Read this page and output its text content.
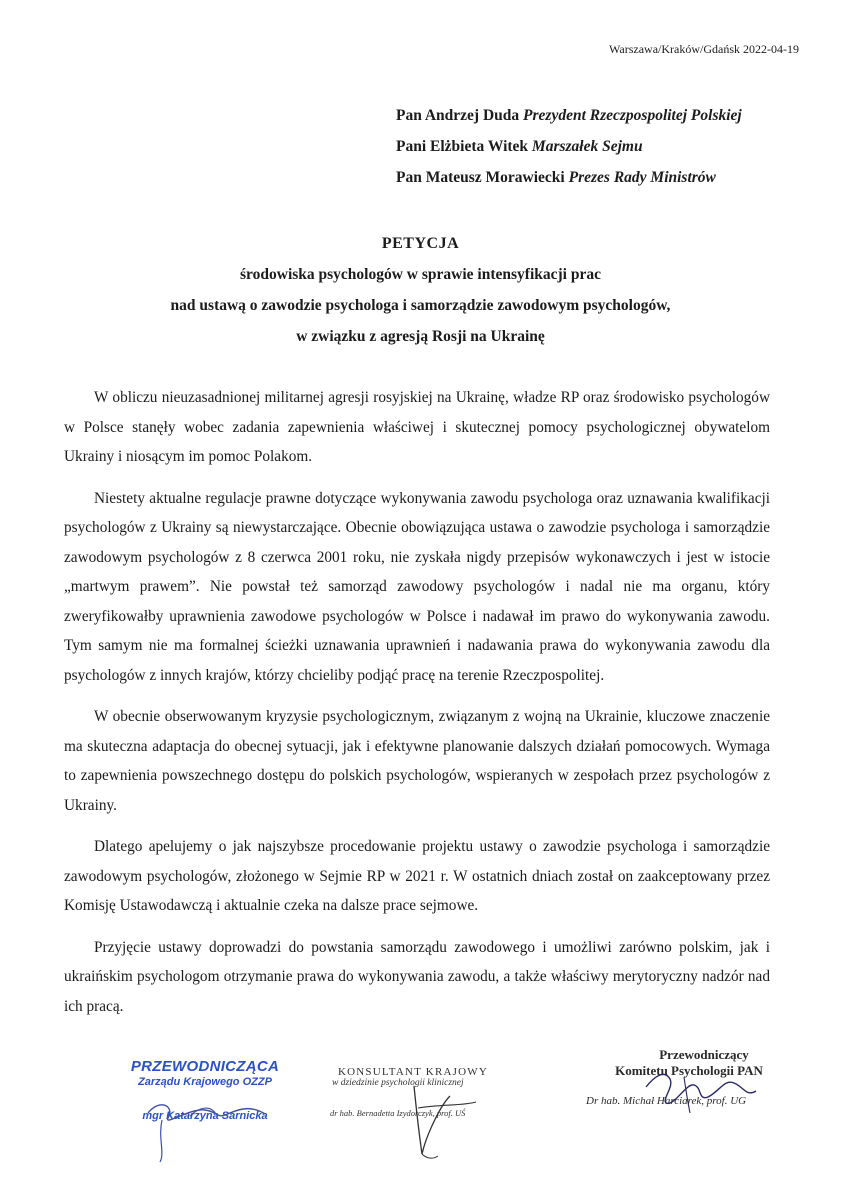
Warszawa/Kraków/Gdańsk 2022-04-19
Pan Andrzej Duda Prezydent Rzeczpospolitej Polskiej
Pani Elżbieta Witek Marszałek Sejmu
Pan Mateusz Morawiecki Prezes Rady Ministrów
PETYCJA
środowiska psychologów w sprawie intensyfikacji prac
nad ustawą o zawodzie psychologa i samorządzie zawodowym psychologów,
w związku z agresją Rosji na Ukrainę

W obliczu nieuzasadnionej militarnej agresji rosyjskiej na Ukrainę, władze RP oraz środowisko psychologów w Polsce stanęły wobec zadania zapewnienia właściwej i skutecznej pomocy psychologicznej obywatelom Ukrainy i niosącym im pomoc Polakom.

Niestety aktualne regulacje prawne dotyczące wykonywania zawodu psychologa oraz uznawania kwalifikacji psychologów z Ukrainy są niewystarczające. Obecnie obowiązująca ustawa o zawodzie psychologa i samorządzie zawodowym psychologów z 8 czerwca 2001 roku, nie zyskała nigdy przepisów wykonawczych i jest w istocie „martwym prawem”. Nie powstał też samorząd zawodowy psychologów i nadal nie ma organu, który zweryfikowałby uprawnienia zawodowe psychologów w Polsce i nadawał im prawo do wykonywania zawodu. Tym samym nie ma formalnej ścieżki uznawania uprawnień i nadawania prawa do wykonywania zawodu dla psychologów z innych krajów, którzy chcieliby podjąć pracę na terenie Rzeczpospolitej.

W obecnie obserwowanym kryzysie psychologicznym, związanym z wojną na Ukrainie, kluczowe znaczenie ma skuteczna adaptacja do obecnej sytuacji, jak i efektywne planowanie dalszych działań pomocowych. Wymaga to zapewnienia powszechnego dostępu do polskich psychologów, wspieranych w zespołach przez psychologów z Ukrainy.

Dlatego apelujemy o jak najszybsze procedowanie projektu ustawy o zawodzie psychologa i samorządzie zawodowym psychologów, złożonego w Sejmie RP w 2021 r. W ostatnich dniach został on zaakceptowany przez Komisję Ustawodawczą i aktualnie czeka na dalsze prace sejmowe.

Przyjęcie ustawy doprowadzi do powstania samorządu zawodowego i umożliwi zarówno polskim, jak i ukraińskim psychologom otrzymanie prawa do wykonywania zawodu, a także właściwy merytoryczny nadzór nad ich pracą.

PRZEWODNICZĄCA
Zarządu Krajowego OZZP
mgr Katarzyna Sarnicka
KONSULTANT KRAJOWY
w dziedzinie psychologii klinicznej
dr hab. Bernadetta Izydorczyk, prof. UŚ
Przewodniczący
Komitetu Psychologii PAN
Dr hab. Michał Harciarek, prof. UG
